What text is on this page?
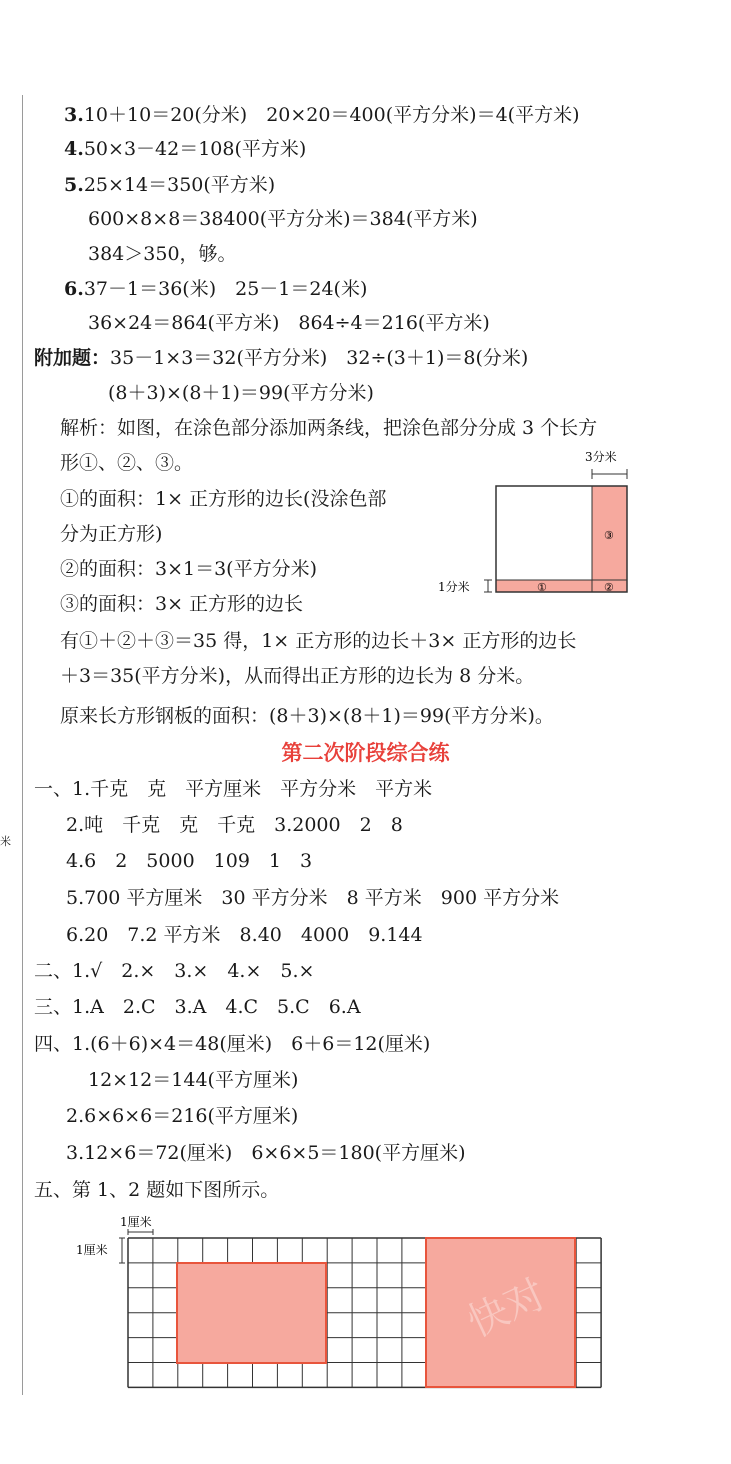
米
3.10＋10＝20(分米)　20×20＝400(平方分米)＝4(平方米)
4.50×3－42＝108(平方米)
5.25×14＝350(平方米)
600×8×8＝38400(平方分米)＝384(平方米)
384＞350，够。
6.37－1＝36(米)　25－1＝24(米)
36×24＝864(平方米)　864÷4＝216(平方米)
附加题：35－1×3＝32(平方分米)　32÷(3＋1)＝8(分米)
(8＋3)×(8＋1)＝99(平方分米)
解析：如图，在涂色部分添加两条线，把涂色部分分成 3 个长方
形①、②、③。
①的面积：1× 正方形的边长(没涂色部
分为正方形)
②的面积：3×1＝3(平方分米)
③的面积：3× 正方形的边长
有①＋②＋③＝35 得，1× 正方形的边长＋3× 正方形的边长
＋3＝35(平方分米)，从而得出正方形的边长为 8 分米。
原来长方形钢板的面积：(8＋3)×(8＋1)＝99(平方分米)。
3分米
③
①	②
1分米
第二次阶段综合练
一、1.千克　克　平方厘米　平方分米　平方米
2.吨　千克　克　千克　3.2000　2　8
4.6　2　5000　109　1　3
5.700 平方厘米　30 平方分米　8 平方米　900 平方分米
6.20　7.2 平方米　8.40　4000　9.144
二、1.√　2.×　3.×　4.×　5.×
三、1.A　2.C　3.A　4.C　5.C　6.A
四、1.(6＋6)×4＝48(厘米)　6＋6＝12(厘米)
12×12＝144(平方厘米)
2.6×6×6＝216(平方厘米)
3.12×6＝72(厘米)　6×6×5＝180(平方厘米)
五、第 1、2 题如下图所示。
快对
1厘米
1厘米
